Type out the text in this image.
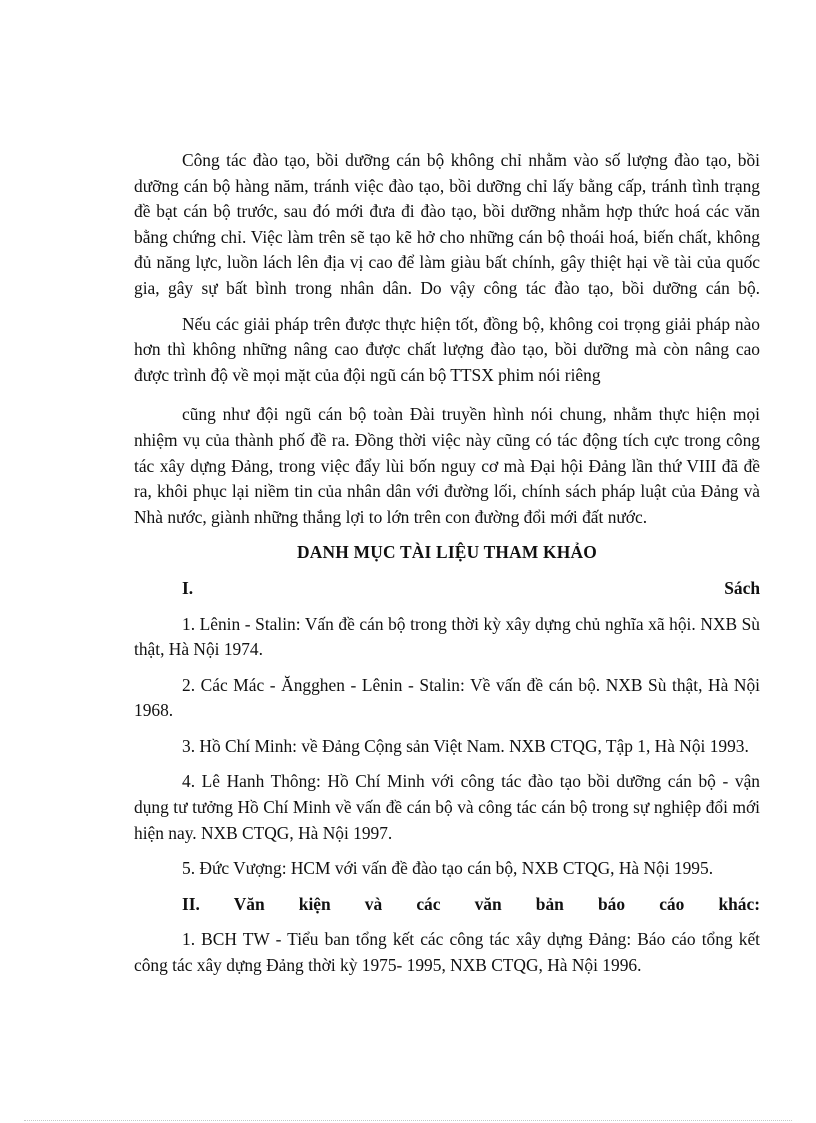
Công tác đào tạo, bồi dưỡng cán bộ không chỉ nhằm vào số lượng đào tạo, bồi dưỡng cán bộ hàng năm, tránh việc đào tạo, bồi dưỡng chỉ lấy bằng cấp, tránh tình trạng đề bạt cán bộ trước, sau đó mới đưa đi đào tạo, bồi dưỡng nhằm hợp thức hoá các văn bằng chứng chỉ. Việc làm trên sẽ tạo kẽ hở cho những cán bộ thoái hoá, biến chất, không đủ năng lực, luồn lách lên địa vị cao để làm giàu bất chính, gây thiệt hại về tài của quốc gia, gây sự bất bình trong nhân dân. Do vậy công tác đào tạo, bồi dưỡng cán bộ.

Nếu các giải pháp trên được thực hiện tốt, đồng bộ, không coi trọng giải pháp nào hơn thì không những nâng cao được chất lượng đào tạo, bồi dưỡng mà còn nâng cao được trình độ về mọi mặt của đội ngũ cán bộ TTSX phim nói riêng

cũng như đội ngũ cán bộ toàn Đài truyền hình nói chung, nhằm thực hiện mọi nhiệm vụ của thành phố đề ra. Đồng thời việc này cũng có tác động tích cực trong công tác xây dựng Đảng, trong việc đẩy lùi bốn nguy cơ mà Đại hội Đảng lần thứ VIII đã đề ra, khôi phục lại niềm tin của nhân dân với đường lối, chính sách pháp luật của Đảng và Nhà nước, giành những thắng lợi to lớn trên con đường đổi mới đất nước.

DANH MỤC TÀI LIỆU THAM KHẢO
I.	Sách

1. Lênin - Stalin: Vấn đề cán bộ trong thời kỳ xây dựng chủ nghĩa xã hội. NXB Sù thật, Hà Nội 1974.

2. Các Mác - Ăngghen - Lênin - Stalin: Về vấn đề cán bộ. NXB Sù thật, Hà Nội 1968.

3. Hồ Chí Minh: về Đảng Cộng sản Việt Nam. NXB CTQG, Tập 1, Hà Nội 1993.

4. Lê Hanh Thông: Hồ Chí Minh với công tác đào tạo bồi dưỡng cán bộ - vận dụng tư tưởng Hồ Chí Minh về vấn đề cán bộ và công tác cán bộ trong sự nghiệp đổi mới hiện nay. NXB CTQG, Hà Nội 1997.

5. Đức Vượng: HCM với vấn đề đào tạo cán bộ, NXB CTQG, Hà Nội 1995.

II. Văn kiện và các văn bản báo cáo khác:

1. BCH TW - Tiểu ban tổng kết các công tác xây dựng Đảng: Báo cáo tổng kết công tác xây dựng Đảng thời kỳ 1975- 1995, NXB CTQG, Hà Nội 1996.
